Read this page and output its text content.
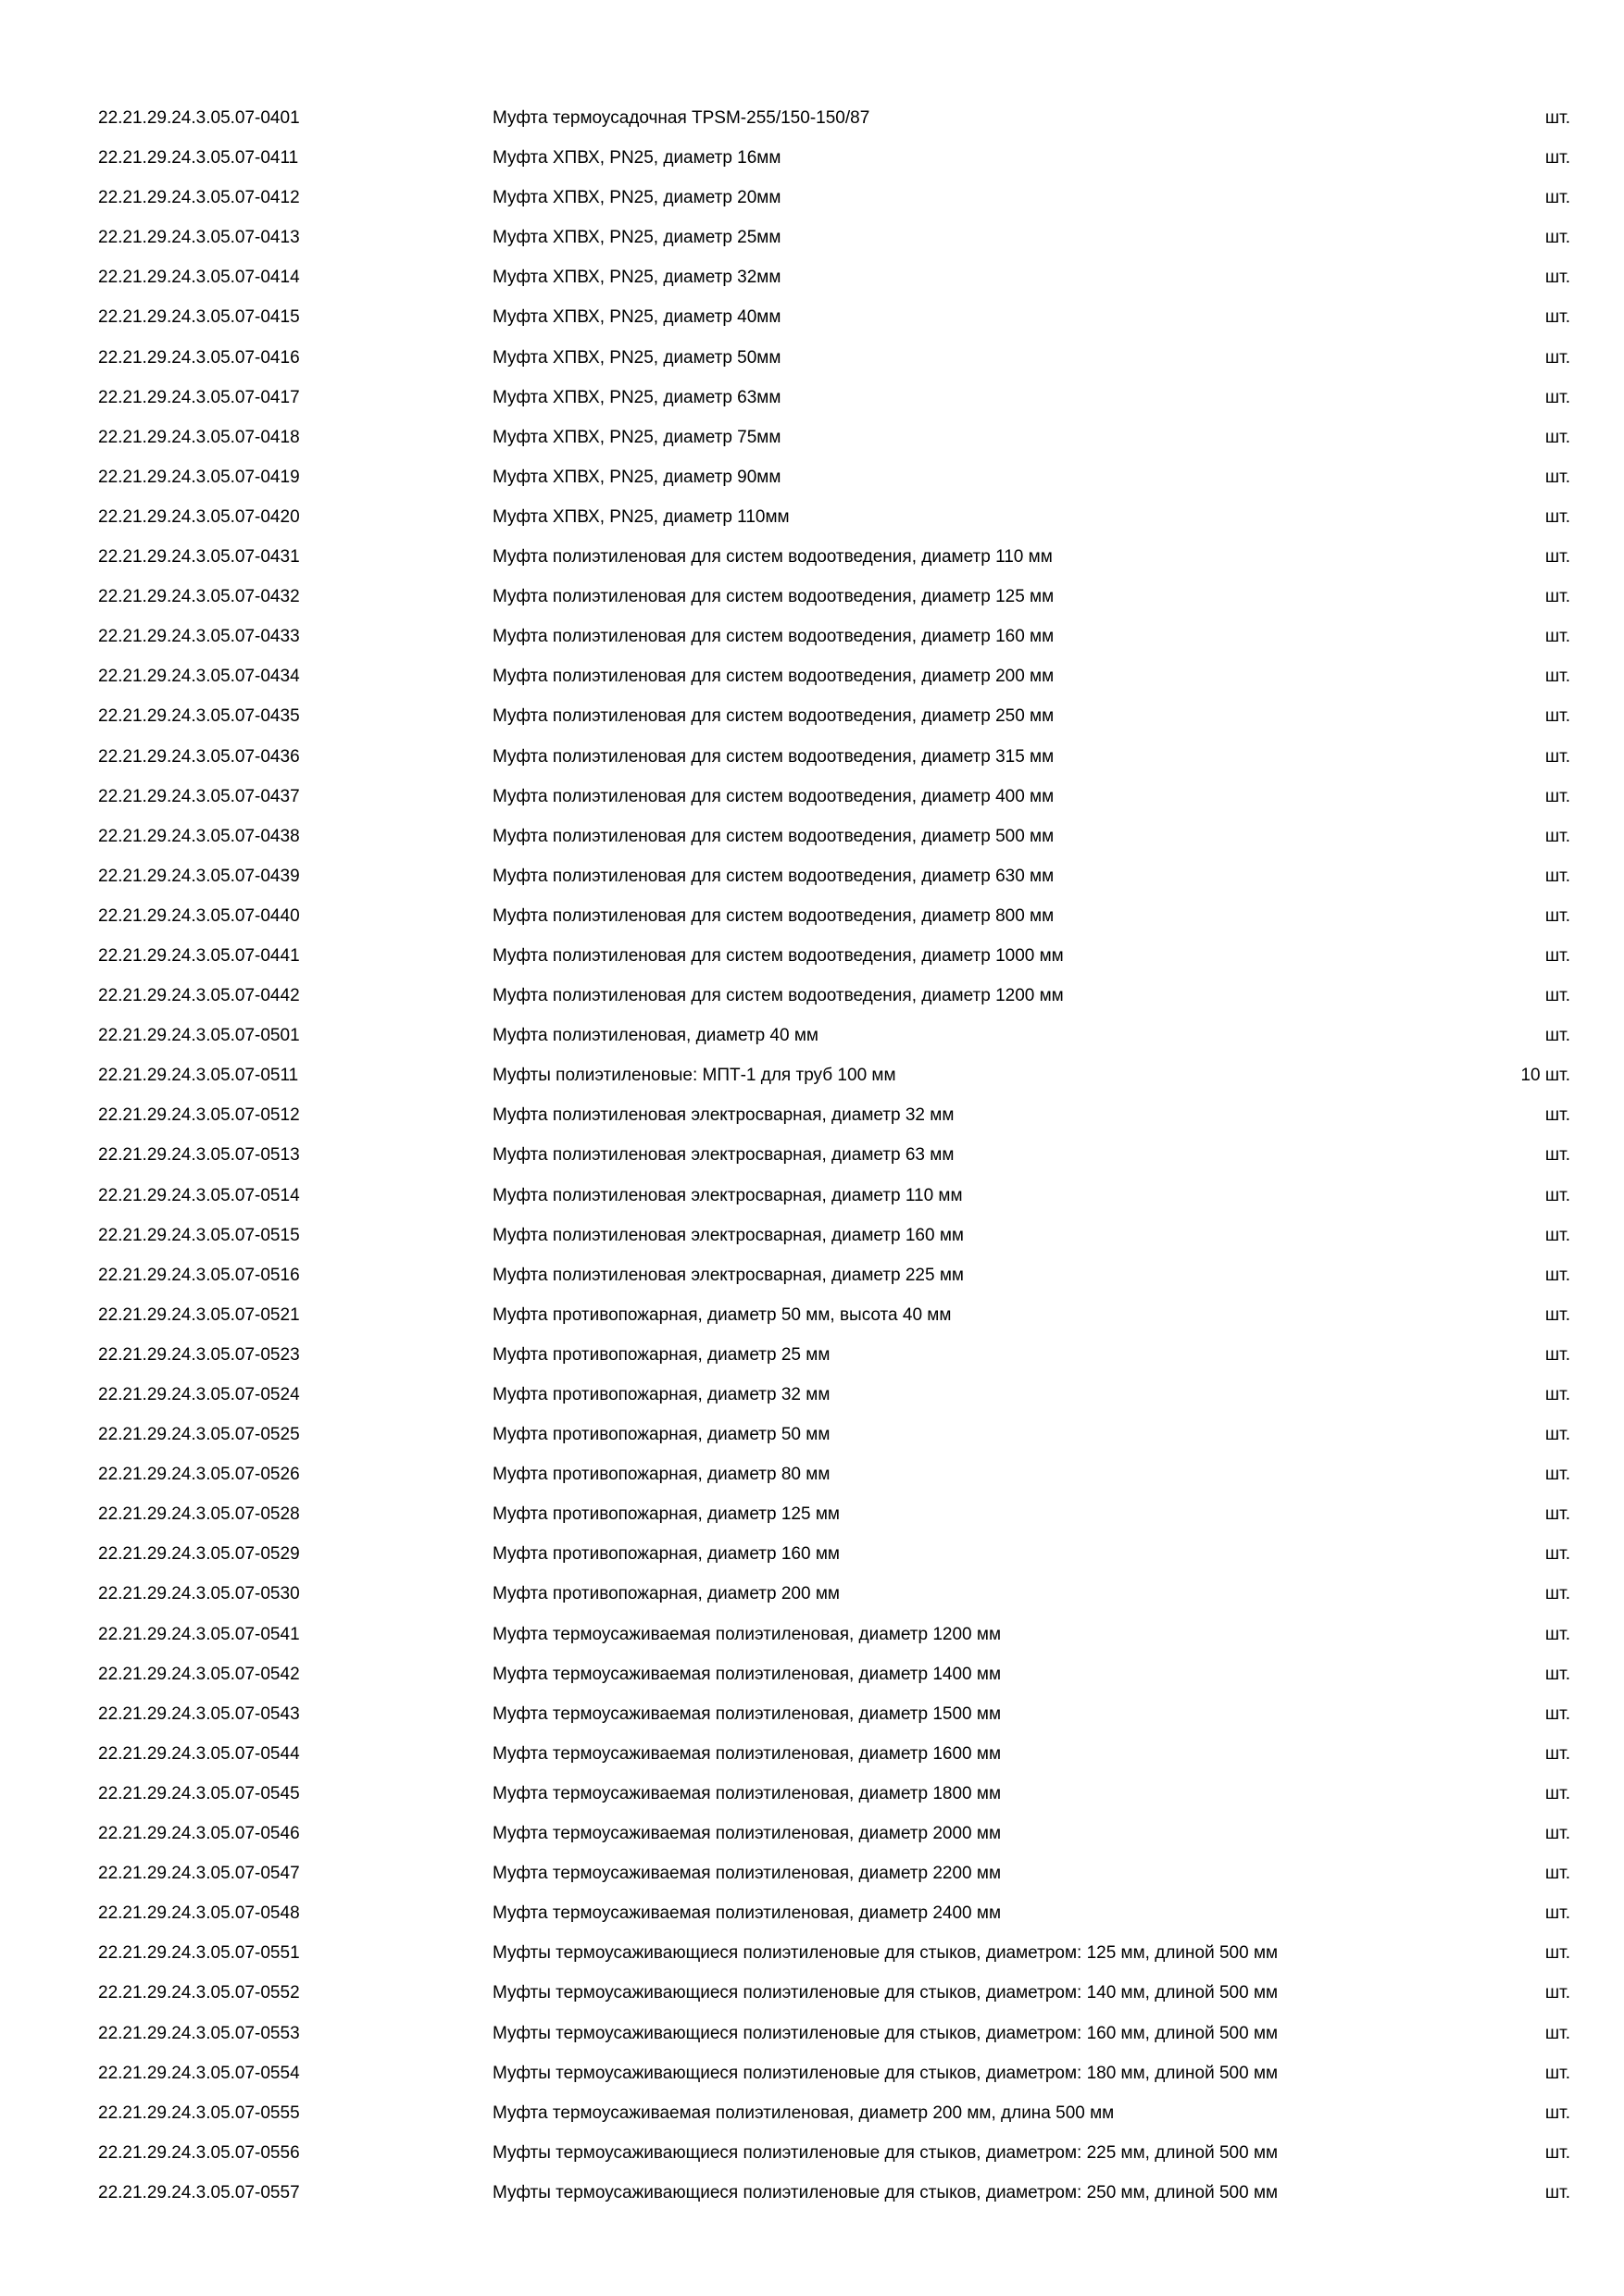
22.21.29.24.3.05.07-0401	Муфта термоусадочная TPSM-255/150-150/87	шт.
22.21.29.24.3.05.07-0411	Муфта ХПВХ, PN25, диаметр 16мм	шт.
22.21.29.24.3.05.07-0412	Муфта ХПВХ, PN25, диаметр 20мм	шт.
22.21.29.24.3.05.07-0413	Муфта ХПВХ, PN25, диаметр 25мм	шт.
22.21.29.24.3.05.07-0414	Муфта ХПВХ, PN25, диаметр 32мм	шт.
22.21.29.24.3.05.07-0415	Муфта ХПВХ, PN25, диаметр 40мм	шт.
22.21.29.24.3.05.07-0416	Муфта ХПВХ, PN25, диаметр 50мм	шт.
22.21.29.24.3.05.07-0417	Муфта ХПВХ, PN25, диаметр 63мм	шт.
22.21.29.24.3.05.07-0418	Муфта ХПВХ, PN25, диаметр 75мм	шт.
22.21.29.24.3.05.07-0419	Муфта ХПВХ, PN25, диаметр 90мм	шт.
22.21.29.24.3.05.07-0420	Муфта ХПВХ, PN25, диаметр 110мм	шт.
22.21.29.24.3.05.07-0431	Муфта полиэтиленовая для систем водоотведения, диаметр 110 мм	шт.
22.21.29.24.3.05.07-0432	Муфта полиэтиленовая для систем водоотведения, диаметр 125 мм	шт.
22.21.29.24.3.05.07-0433	Муфта полиэтиленовая для систем водоотведения, диаметр 160 мм	шт.
22.21.29.24.3.05.07-0434	Муфта полиэтиленовая для систем водоотведения, диаметр 200 мм	шт.
22.21.29.24.3.05.07-0435	Муфта полиэтиленовая для систем водоотведения, диаметр 250 мм	шт.
22.21.29.24.3.05.07-0436	Муфта полиэтиленовая для систем водоотведения, диаметр 315 мм	шт.
22.21.29.24.3.05.07-0437	Муфта полиэтиленовая для систем водоотведения, диаметр 400 мм	шт.
22.21.29.24.3.05.07-0438	Муфта полиэтиленовая для систем водоотведения, диаметр 500 мм	шт.
22.21.29.24.3.05.07-0439	Муфта полиэтиленовая для систем водоотведения, диаметр 630 мм	шт.
22.21.29.24.3.05.07-0440	Муфта полиэтиленовая для систем водоотведения, диаметр 800 мм	шт.
22.21.29.24.3.05.07-0441	Муфта полиэтиленовая для систем водоотведения, диаметр 1000 мм	шт.
22.21.29.24.3.05.07-0442	Муфта полиэтиленовая для систем водоотведения, диаметр 1200 мм	шт.
22.21.29.24.3.05.07-0501	Муфта полиэтиленовая, диаметр 40 мм	шт.
22.21.29.24.3.05.07-0511	Муфты полиэтиленовые: МПТ-1 для труб 100 мм	10 шт.
22.21.29.24.3.05.07-0512	Муфта полиэтиленовая электросварная, диаметр 32 мм	шт.
22.21.29.24.3.05.07-0513	Муфта полиэтиленовая электросварная, диаметр 63 мм	шт.
22.21.29.24.3.05.07-0514	Муфта полиэтиленовая электросварная, диаметр 110 мм	шт.
22.21.29.24.3.05.07-0515	Муфта полиэтиленовая электросварная, диаметр 160 мм	шт.
22.21.29.24.3.05.07-0516	Муфта полиэтиленовая электросварная, диаметр 225 мм	шт.
22.21.29.24.3.05.07-0521	Муфта противопожарная, диаметр 50 мм, высота 40 мм	шт.
22.21.29.24.3.05.07-0523	Муфта противопожарная, диаметр 25 мм	шт.
22.21.29.24.3.05.07-0524	Муфта противопожарная, диаметр 32 мм	шт.
22.21.29.24.3.05.07-0525	Муфта противопожарная, диаметр 50 мм	шт.
22.21.29.24.3.05.07-0526	Муфта противопожарная, диаметр 80 мм	шт.
22.21.29.24.3.05.07-0528	Муфта противопожарная, диаметр 125 мм	шт.
22.21.29.24.3.05.07-0529	Муфта противопожарная, диаметр 160 мм	шт.
22.21.29.24.3.05.07-0530	Муфта противопожарная, диаметр 200 мм	шт.
22.21.29.24.3.05.07-0541	Муфта термоусаживаемая полиэтиленовая, диаметр 1200 мм	шт.
22.21.29.24.3.05.07-0542	Муфта термоусаживаемая полиэтиленовая, диаметр 1400 мм	шт.
22.21.29.24.3.05.07-0543	Муфта термоусаживаемая полиэтиленовая, диаметр 1500 мм	шт.
22.21.29.24.3.05.07-0544	Муфта термоусаживаемая полиэтиленовая, диаметр 1600 мм	шт.
22.21.29.24.3.05.07-0545	Муфта термоусаживаемая полиэтиленовая, диаметр 1800 мм	шт.
22.21.29.24.3.05.07-0546	Муфта термоусаживаемая полиэтиленовая, диаметр 2000 мм	шт.
22.21.29.24.3.05.07-0547	Муфта термоусаживаемая полиэтиленовая, диаметр 2200 мм	шт.
22.21.29.24.3.05.07-0548	Муфта термоусаживаемая полиэтиленовая, диаметр 2400 мм	шт.
22.21.29.24.3.05.07-0551	Муфты термоусаживающиеся полиэтиленовые для стыков, диаметром: 125 мм, длиной 500 мм	шт.
22.21.29.24.3.05.07-0552	Муфты термоусаживающиеся полиэтиленовые для стыков, диаметром: 140 мм, длиной 500 мм	шт.
22.21.29.24.3.05.07-0553	Муфты термоусаживающиеся полиэтиленовые для стыков, диаметром: 160 мм, длиной 500 мм	шт.
22.21.29.24.3.05.07-0554	Муфты термоусаживающиеся полиэтиленовые для стыков, диаметром: 180 мм, длиной 500 мм	шт.
22.21.29.24.3.05.07-0555	Муфта термоусаживаемая полиэтиленовая, диаметр 200 мм, длина 500 мм	шт.
22.21.29.24.3.05.07-0556	Муфты термоусаживающиеся полиэтиленовые для стыков, диаметром: 225 мм, длиной 500 мм	шт.
22.21.29.24.3.05.07-0557	Муфты термоусаживающиеся полиэтиленовые для стыков, диаметром: 250 мм, длиной 500 мм	шт.
